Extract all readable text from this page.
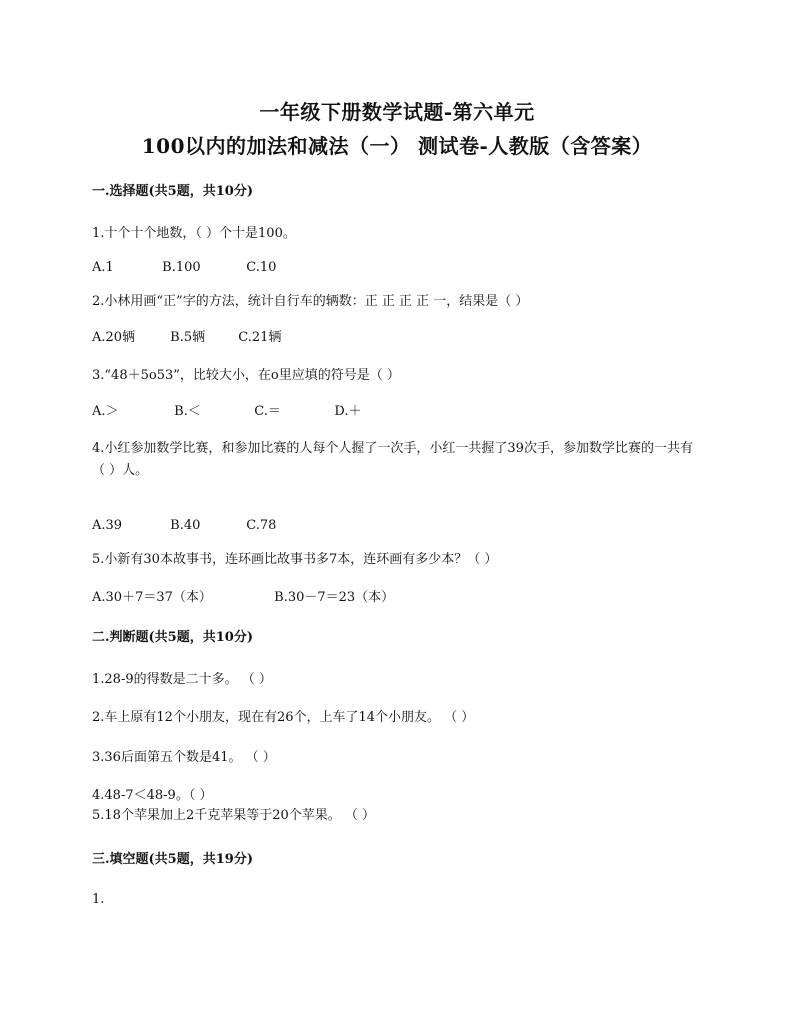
一年级下册数学试题-第六单元
100以内的加法和减法（一） 测试卷-人教版（含答案）
一.选择题(共5题，共10分)
1.十个十个地数，（ ）个十是100。
A.1	B.100	C.10
2.小林用画“正”字的方法，统计自行车的辆数：正 正 正 正 一，结果是（ ）
A.20辆	B.5辆	C.21辆
3.“48＋5o53”，比较大小，在o里应填的符号是（ ）
A.＞	B.＜	C.＝	D.＋
4.小红参加数学比赛，和参加比赛的人每个人握了一次手，小红一共握了39次手，参加数学比赛的一共有（ ）人。
A.39	B.40	C.78
5.小新有30本故事书，连环画比故事书多7本，连环画有多少本？（ ）
A.30＋7＝37（本）	B.30－7＝23（本）
二.判断题(共5题，共10分)
1.28-9的得数是二十多。 （ ）
2.车上原有12个小朋友，现在有26个，上车了14个小朋友。 （ ）
3.36后面第五个数是41。 （ ）
4.48-7＜48-9。（ ）
5.18个苹果加上2千克苹果等于20个苹果。 （ ）
三.填空题(共5题，共19分)
1.
